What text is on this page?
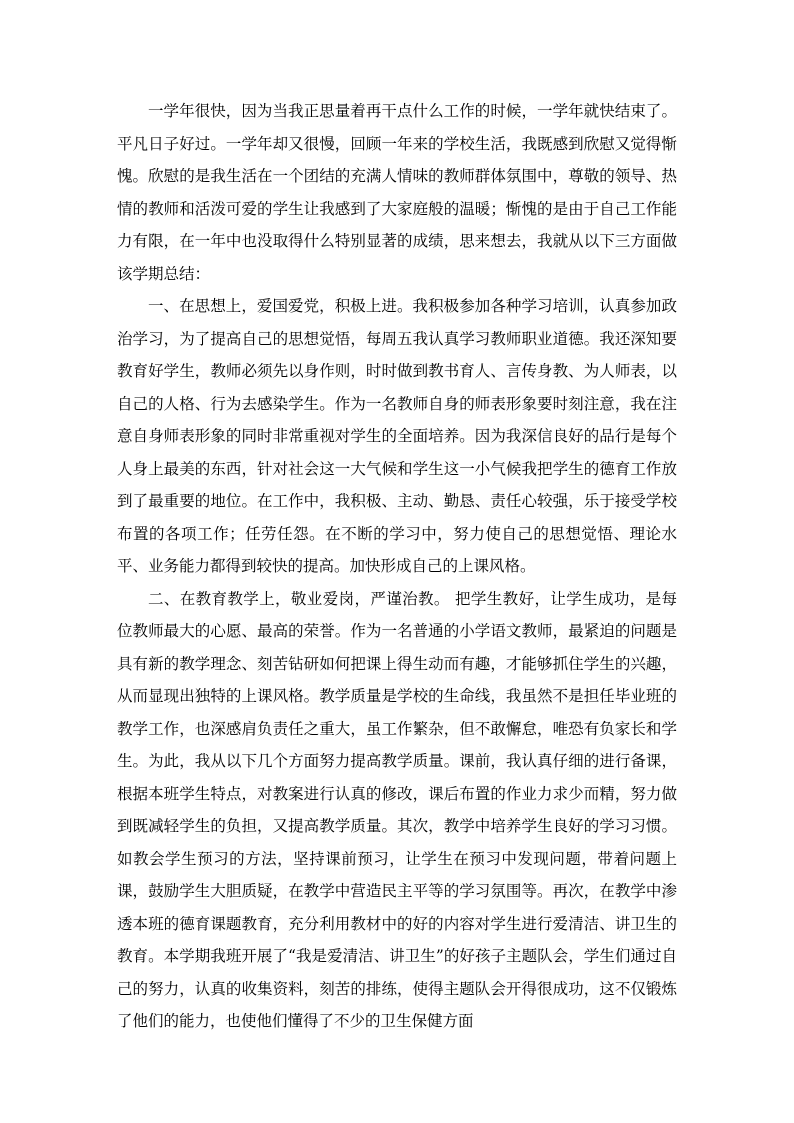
一学年很快，因为当我正思量着再干点什么工作的时候，一学年就快结束了。平凡日子好过。一学年却又很慢，回顾一年来的学校生活，我既感到欣慰又觉得惭愧。欣慰的是我生活在一个团结的充满人情味的教师群体氛围中，尊敬的领导、热情的教师和活泼可爱的学生让我感到了大家庭般的温暖；惭愧的是由于自己工作能力有限，在一年中也没取得什么特别显著的成绩，思来想去，我就从以下三方面做该学期总结：

一、在思想上，爱国爱党，积极上进。我积极参加各种学习培训，认真参加政治学习，为了提高自己的思想觉悟，每周五我认真学习教师职业道德。我还深知要教育好学生，教师必须先以身作则，时时做到教书育人、言传身教、为人师表，以自己的人格、行为去感染学生。作为一名教师自身的师表形象要时刻注意，我在注意自身师表形象的同时非常重视对学生的全面培养。因为我深信良好的品行是每个人身上最美的东西，针对社会这一大气候和学生这一小气候我把学生的德育工作放到了最重要的地位。在工作中，我积极、主动、勤恳、责任心较强，乐于接受学校布置的各项工作；任劳任怨。在不断的学习中，努力使自己的思想觉悟、理论水平、业务能力都得到较快的提高。加快形成自己的上课风格。

二、在教育教学上，敬业爱岗，严谨治教。 把学生教好，让学生成功，是每位教师最大的心愿、最高的荣誉。作为一名普通的小学语文教师，最紧迫的问题是具有新的教学理念、刻苦钻研如何把课上得生动而有趣，才能够抓住学生的兴趣，从而显现出独特的上课风格。教学质量是学校的生命线，我虽然不是担任毕业班的教学工作，也深感肩负责任之重大，虽工作繁杂，但不敢懈怠，唯恐有负家长和学生。为此，我从以下几个方面努力提高教学质量。课前，我认真仔细的进行备课，根据本班学生特点，对教案进行认真的修改，课后布置的作业力求少而精，努力做到既减轻学生的负担，又提高教学质量。其次，教学中培养学生良好的学习习惯。如教会学生预习的方法，坚持课前预习，让学生在预习中发现问题，带着问题上课，鼓励学生大胆质疑，在教学中营造民主平等的学习氛围等。再次，在教学中渗透本班的德育课题教育，充分利用教材中的好的内容对学生进行爱清洁、讲卫生的教育。本学期我班开展了“我是爱清洁、讲卫生”的好孩子主题队会，学生们通过自己的努力，认真的收集资料，刻苦的排练，使得主题队会开得很成功，这不仅锻炼了他们的能力，也使他们懂得了不少的卫生保健方面
